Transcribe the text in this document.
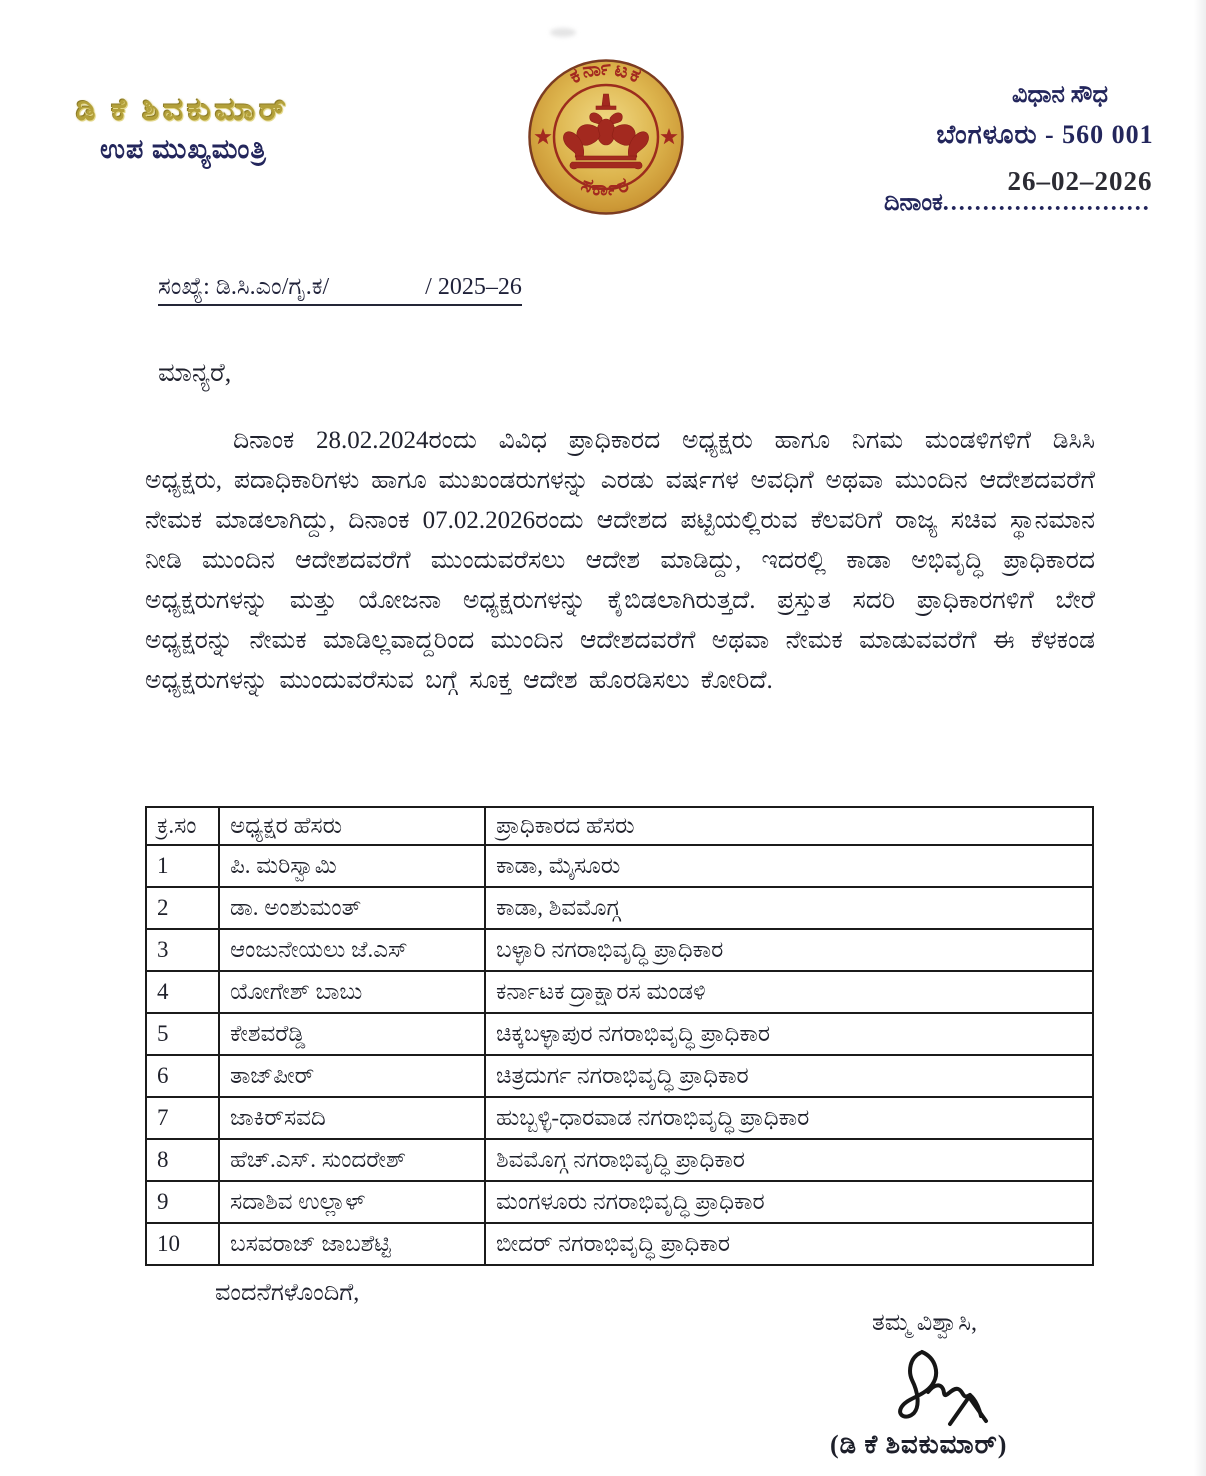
ಡಿ ಕೆ ಶಿವಕುಮಾರ್
ಉಪ ಮುಖ್ಯಮಂತ್ರಿ
ಕರ್ನಾಟಕ
ಸರ್ಕಾರ
ವಿಧಾನ ಸೌಧ
ಬೆಂಗಳೂರು - 560 001
26–02–2026
ದಿನಾಂಕ..........................
ಸಂಖ್ಯೆ: ಡಿ.ಸಿ.ಎಂ/ಗೃ.ಕ/	/ 2025–26
ಮಾನ್ಯರೆ,
ದಿನಾಂಕ 28.02.2024ರಂದು ವಿವಿಧ ಪ್ರಾಧಿಕಾರದ ಅಧ್ಯಕ್ಷರು ಹಾಗೂ ನಿಗಮ ಮಂಡಳಿಗಳಿಗೆ ಡಿಸಿಸಿ ಅಧ್ಯಕ್ಷರು, ಪದಾಧಿಕಾರಿಗಳು ಹಾಗೂ ಮುಖಂಡರುಗಳನ್ನು ಎರಡು ವರ್ಷಗಳ ಅವಧಿಗೆ ಅಥವಾ ಮುಂದಿನ ಆದೇಶದವರೆಗೆ ನೇಮಕ ಮಾಡಲಾಗಿದ್ದು, ದಿನಾಂಕ 07.02.2026ರಂದು ಆದೇಶದ ಪಟ್ಟಿಯಲ್ಲಿರುವ ಕೆಲವರಿಗೆ ರಾಜ್ಯ ಸಚಿವ ಸ್ಥಾನಮಾನ ನೀಡಿ ಮುಂದಿನ ಆದೇಶದವರೆಗೆ ಮುಂದುವರೆಸಲು ಆದೇಶ ಮಾಡಿದ್ದು, ಇದರಲ್ಲಿ ಕಾಡಾ ಅಭಿವೃದ್ಧಿ ಪ್ರಾಧಿಕಾರದ ಅಧ್ಯಕ್ಷರುಗಳನ್ನು ಮತ್ತು ಯೋಜನಾ ಅಧ್ಯಕ್ಷರುಗಳನ್ನು ಕೈಬಿಡಲಾಗಿರುತ್ತದೆ. ಪ್ರಸ್ತುತ ಸದರಿ ಪ್ರಾಧಿಕಾರಗಳಿಗೆ ಬೇರೆ ಅಧ್ಯಕ್ಷರನ್ನು ನೇಮಕ ಮಾಡಿಲ್ಲವಾದ್ದರಿಂದ ಮುಂದಿನ ಆದೇಶದವರೆಗೆ ಅಥವಾ ನೇಮಕ ಮಾಡುವವರೆಗೆ ಈ ಕೆಳಕಂಡ ಅಧ್ಯಕ್ಷರುಗಳನ್ನು ಮುಂದುವರೆಸುವ ಬಗ್ಗೆ ಸೂಕ್ತ ಆದೇಶ ಹೊರಡಿಸಲು ಕೋರಿದೆ.
ಕ್ರ.ಸಂ	ಅಧ್ಯಕ್ಷರ ಹೆಸರು	ಪ್ರಾಧಿಕಾರದ ಹೆಸರು
1	ಪಿ. ಮರಿಸ್ವಾಮಿ	ಕಾಡಾ, ಮೈಸೂರು
2	ಡಾ. ಅಂಶುಮಂತ್	ಕಾಡಾ, ಶಿವಮೊಗ್ಗ
3	ಆಂಜುನೇಯಲು ಜೆ.ಎಸ್	ಬಳ್ಳಾರಿ ನಗರಾಭಿವೃದ್ಧಿ ಪ್ರಾಧಿಕಾರ
4	ಯೋಗೇಶ್ ಬಾಬು	ಕರ್ನಾಟಕ ದ್ರಾಕ್ಷಾರಸ ಮಂಡಳಿ
5	ಕೇಶವರೆಡ್ಡಿ	ಚಿಕ್ಕಬಳ್ಳಾಪುರ ನಗರಾಭಿವೃದ್ಧಿ ಪ್ರಾಧಿಕಾರ
6	ತಾಜ್‌ಪೀರ್	ಚಿತ್ರದುರ್ಗ ನಗರಾಭಿವೃದ್ಧಿ ಪ್ರಾಧಿಕಾರ
7	ಜಾಕಿರ್‌ಸವದಿ	ಹುಬ್ಬಳ್ಳಿ-ಧಾರವಾಡ ನಗರಾಭಿವೃದ್ಧಿ ಪ್ರಾಧಿಕಾರ
8	ಹೆಚ್.ಎಸ್. ಸುಂದರೇಶ್	ಶಿವಮೊಗ್ಗ ನಗರಾಭಿವೃದ್ಧಿ ಪ್ರಾಧಿಕಾರ
9	ಸದಾಶಿವ ಉಲ್ಲಾಳ್	ಮಂಗಳೂರು ನಗರಾಭಿವೃದ್ಧಿ ಪ್ರಾಧಿಕಾರ
10	ಬಸವರಾಜ್ ಜಾಬಶೆಟ್ಟಿ	ಬೀದರ್ ನಗರಾಭಿವೃದ್ಧಿ ಪ್ರಾಧಿಕಾರ
ವಂದನೆಗಳೊಂದಿಗೆ,
ತಮ್ಮ ವಿಶ್ವಾಸಿ,
(ಡಿ ಕೆ ಶಿವಕುಮಾರ್)
